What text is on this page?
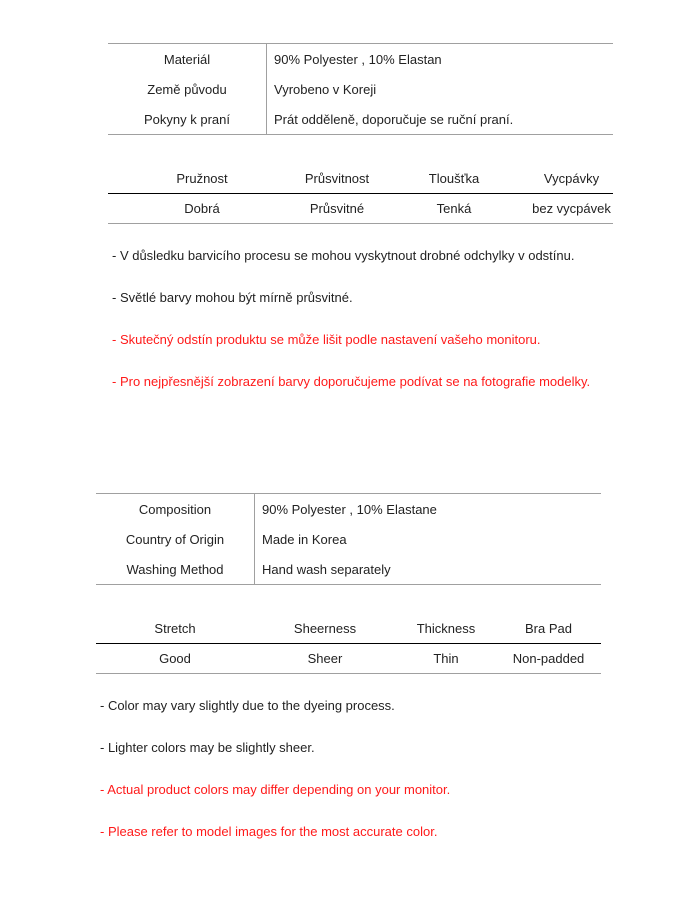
Materiál	90% Polyester , 10% Elastan
Země původu	Vyrobeno v Koreji
Pokyny k praní	Prát odděleně, doporučuje se ruční praní.
Pružnost	Průsvitnost	Tloušťka	Vycpávky
Dobrá	Průsvitné	Tenká	bez vycpávek
- V důsledku barvicího procesu se mohou vyskytnout drobné odchylky v odstínu.
- Světlé barvy mohou být mírně průsvitné.
- Skutečný odstín produktu se může lišit podle nastavení vašeho monitoru.
- Pro nejpřesnější zobrazení barvy doporučujeme podívat se na fotografie modelky.
Composition	90% Polyester , 10% Elastane
Country of Origin	Made in Korea
Washing Method	Hand wash separately
Stretch	Sheerness	Thickness	Bra Pad
Good	Sheer	Thin	Non-padded
- Color may vary slightly due to the dyeing process.
- Lighter colors may be slightly sheer.
- Actual product colors may differ depending on your monitor.
- Please refer to model images for the most accurate color.
